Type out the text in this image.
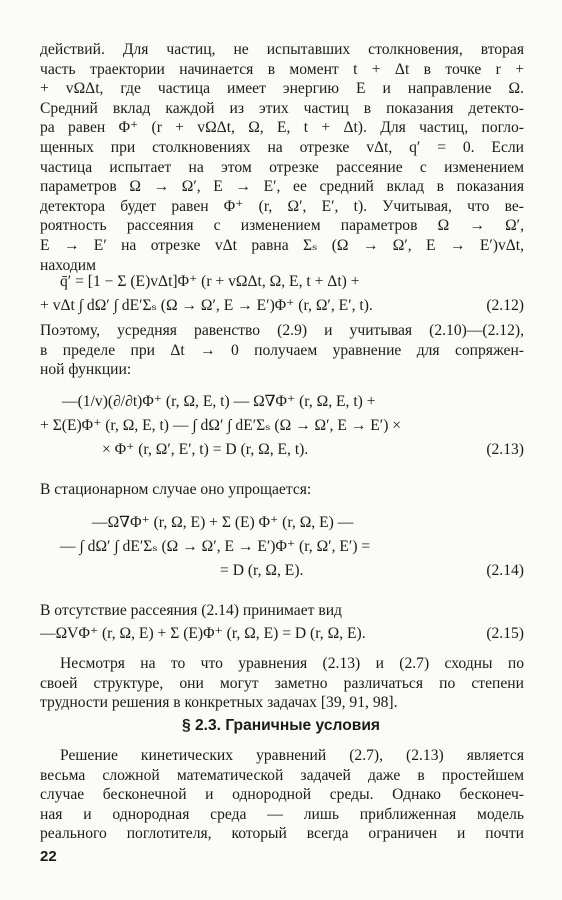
действий. Для частиц, не испытавших столкновения, вторая
часть траектории начинается в момент t + Δt в точке r +
+ vΩΔt, где частица имеет энергию E и направление Ω.
Средний вклад каждой из этих частиц в показания детекто-
ра равен Φ⁺ (r + vΩΔt, Ω, E, t + Δt). Для частиц, погло-
щенных при столкновениях на отрезке vΔt, q′ = 0. Если
частица испытает на этом отрезке рассеяние с изменением
параметров Ω → Ω′, E → E′, ее средний вклад в показания
детектора будет равен Φ⁺ (r, Ω′, E′, t). Учитывая, что ве-
роятность рассеяния с изменением параметров Ω → Ω′,
E → E′ на отрезке vΔt равна Σₛ (Ω → Ω′, E → E′)vΔt,
находим
q̄′ = [1 − Σ (E)vΔt]Φ⁺ (r + vΩΔt, Ω, E, t + Δt) +
+ vΔt ∫ dΩ′ ∫ dE′Σₛ (Ω → Ω′, E → E′)Φ⁺ (r, Ω′, E′, t).	(2.12)
Поэтому, усредняя равенство (2.9) и учитывая (2.10)—(2.12),
в пределе при Δt → 0 получаем уравнение для сопряжен-
ной функции:
—(1/v)(∂/∂t)Φ⁺ (r, Ω, E, t) — Ω∇Φ⁺ (r, Ω, E, t) +
+ Σ(E)Φ⁺ (r, Ω, E, t) — ∫ dΩ′ ∫ dE′Σₛ (Ω → Ω′, E → E′) ×
× Φ⁺ (r, Ω′, E′, t) = D (r, Ω, E, t).	(2.13)
В стационарном случае оно упрощается:
—Ω∇Φ⁺ (r, Ω, E) + Σ (E) Φ⁺ (r, Ω, E) —
— ∫ dΩ′ ∫ dE′Σₛ (Ω → Ω′, E → E′)Φ⁺ (r, Ω′, E′) =
= D (r, Ω, E).	(2.14)
В отсутствие рассеяния (2.14) принимает вид
—ΩVΦ⁺ (r, Ω, E) + Σ (E)Φ⁺ (r, Ω, E) = D (r, Ω, E).	(2.15)
Несмотря на то что уравнения (2.13) и (2.7) сходны по
своей структуре, они могут заметно различаться по степени
трудности решения в конкретных задачах [39, 91, 98].
§ 2.3. Граничные условия
Решение кинетических уравнений (2.7), (2.13) является
весьма сложной математической задачей даже в простейшем
случае бесконечной и однородной среды. Однако бесконеч-
ная и однородная среда — лишь приближенная модель
реального поглотителя, который всегда ограничен и почти
22
